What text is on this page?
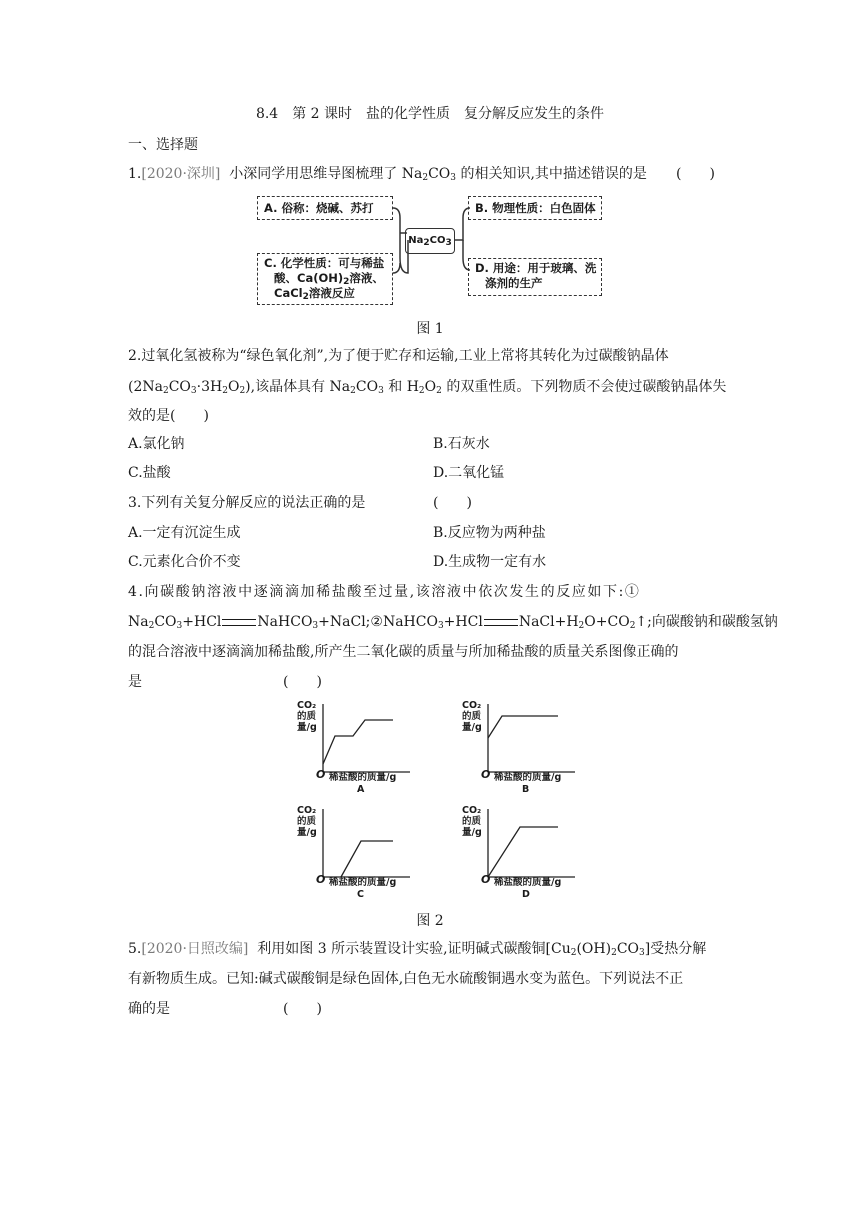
8.4　第 2 课时　盐的化学性质　复分解反应发生的条件
一、选择题
1.[2020·深圳] 小深同学用思维导图梳理了 $Na_2CO_3$ 的相关知识,其中描述错误的是 (　　)
A. 俗称：烧碱、苏打
$Na_2CO_3$
B. 物理性质：白色固体
C. 化学性质：可与稀盐
酸、$Ca(OH)_2$溶液、
CaCl$_2$溶液反应
D. 用途：用于玻璃、洗
涤剂的生产
图 1
2.过氧化氢被称为“绿色氧化剂”,为了便于贮存和运输,工业上常将其转化为过碳酸钠晶体
$(2Na_2CO_3\cdot 3H_2O_2)$,该晶体具有 $Na_2CO_3$ 和 $H_2O_2$ 的双重性质。下列物质不会使过碳酸钠晶体失
效的是(　　)
A.氯化钠	B.石灰水
C.盐酸	D.二氧化锰
3.下列有关复分解反应的说法正确的是	(　　)
A.一定有沉淀生成	B.反应物为两种盐
C.元素化合价不变	D.生成物一定有水
4.向碳酸钠溶液中逐滴滴加稀盐酸至过量,该溶液中依次发生的反应如下:①
$Na_2CO_3+HCl$	NaHCO$_3$+NaCl;②NaHCO$_3$+HCl	$NaCl+H_2O+CO_2↑$;向碳酸钠和碳酸氢钠
的混合溶液中逐滴滴加稀盐酸,所产生二氧化碳的质量与所加稀盐酸的质量关系图像正确的
是	(　　)
CO₂
的质
量/g
O 稀盐酸的质量/g
A
CO₂
的质
量/g
O 稀盐酸的质量/g
B
CO₂
的质
量/g
O 稀盐酸的质量/g
C
CO₂
的质
量/g
O 稀盐酸的质量/g
D
图 2
5.[2020·日照改编] 利用如图 3 所示装置设计实验,证明碱式碳酸铜$[Cu_2(OH)_2CO_3]$受热分解
有新物质生成。已知:碱式碳酸铜是绿色固体,白色无水硫酸铜遇水变为蓝色。下列说法不正
确的是	(　　)
